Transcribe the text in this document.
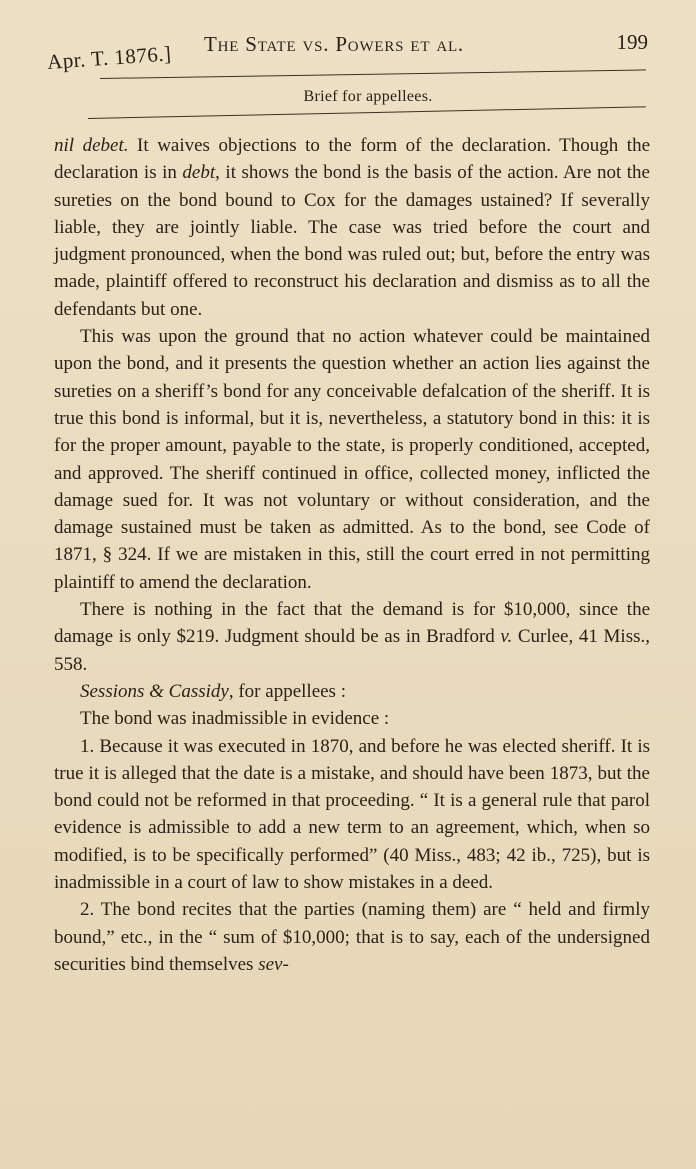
Apr. T. 1876.] The State vs. Powers et al.	199
Brief for appellees.

nil debet. It waives objections to the form of the declaration. Though the declaration is in debt, it shows the bond is the basis of the action. Are not the sureties on the bond bound to Cox for the damages ustained? If severally liable, they are jointly liable. The case was tried before the court and judgment pronounced, when the bond was ruled out; but, before the entry was made, plaintiff offered to reconstruct his declaration and dismiss as to all the defendants but one.

This was upon the ground that no action whatever could be maintained upon the bond, and it presents the question whether an action lies against the sureties on a sheriff’s bond for any conceivable defalcation of the sheriff. It is true this bond is informal, but it is, nevertheless, a statutory bond in this: it is for the proper amount, payable to the state, is properly conditioned, accepted, and approved. The sheriff continued in office, collected money, inflicted the damage sued for. It was not voluntary or without consideration, and the damage sustained must be taken as admitted. As to the bond, see Code of 1871, § 324. If we are mistaken in this, still the court erred in not permitting plaintiff to amend the declaration.

There is nothing in the fact that the demand is for $10,000, since the damage is only $219. Judgment should be as in Bradford v. Curlee, 41 Miss., 558.

Sessions & Cassidy, for appellees :

The bond was inadmissible in evidence :

1. Because it was executed in 1870, and before he was elected sheriff. It is true it is alleged that the date is a mistake, and should have been 1873, but the bond could not be reformed in that proceeding. “ It is a general rule that parol evidence is admissible to add a new term to an agreement, which, when so modified, is to be specifically performed” (40 Miss., 483; 42 ib., 725), but is inadmissible in a court of law to show mistakes in a deed.

2. The bond recites that the parties (naming them) are “ held and firmly bound,” etc., in the “ sum of $10,000; that is to say, each of the undersigned securities bind themselves sev-
